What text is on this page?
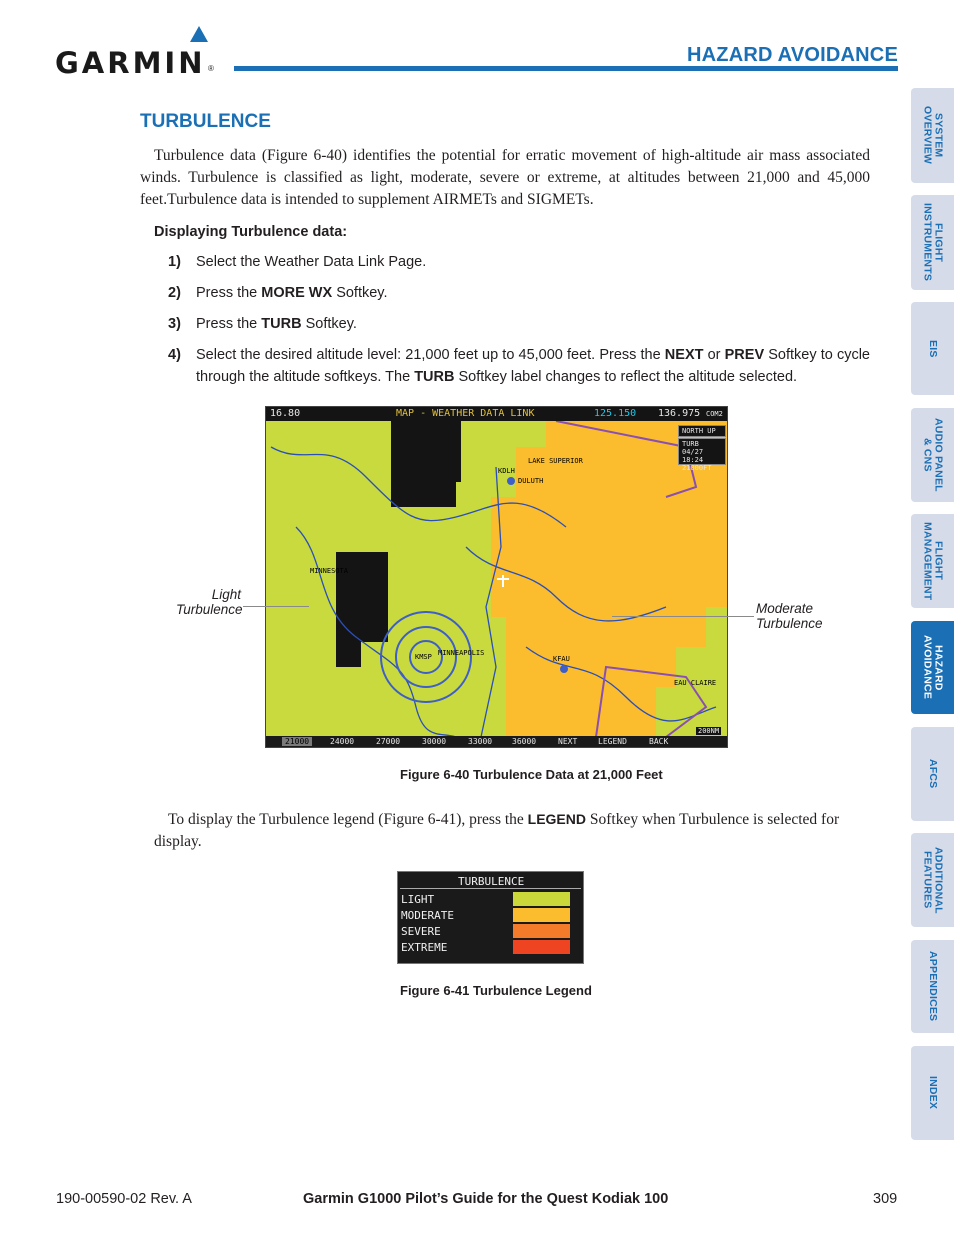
GARMIN ®
HAZARD AVOIDANCE
SYSTEM
OVERVIEW
FLIGHT
INSTRUMENTS
EIS
AUDIO PANEL
& CNS
FLIGHT
MANAGEMENT
HAZARD
AVOIDANCE
AFCS
ADDITIONAL
FEATURES
APPENDICES
INDEX
TURBULENCE

Turbulence data (Figure 6-40) identifies the potential for erratic movement of high-altitude air mass associated winds. Turbulence is classified as light, moderate, severe or extreme, at altitudes between 21,000 and 45,000 feet.Turbulence data is intended to supplement AIRMETs and SIGMETs.

Displaying Turbulence data:
1) Select the Weather Data Link Page.
2) Press the MORE WX Softkey.
3) Press the TURB Softkey.
4) Select the desired altitude level: 21,000 feet up to 45,000 feet. Press the NEXT or PREV Softkey to cycle through the altitude softkeys. The TURB Softkey label changes to reflect the altitude selected.
16.80	MAP - WEATHER DATA LINK	125.150 136.975 COM2
NORTH UP
TURB
04/27 18:24
21000FT
KDLH
DULUTH
LAKE SUPERIOR
MINNESOTA
KMSP MINNEAPOLIS
KFAU
EAU CLAIRE
200NM
21000	24000	27000	30000	33000 36000	NEXT	LEGEND	BACK
Light
Turbulence	Moderate
Turbulence
Figure 6-40 Turbulence Data at 21,000 Feet

To display the Turbulence legend (Figure 6-41), press the LEGEND Softkey when Turbulence is selected for display.

TURBULENCE
LIGHT
MODERATE
SEVERE
EXTREME
Figure 6-41 Turbulence Legend
190-00590-02 Rev. A	Garmin G1000 Pilot’s Guide for the Quest Kodiak 100	309
